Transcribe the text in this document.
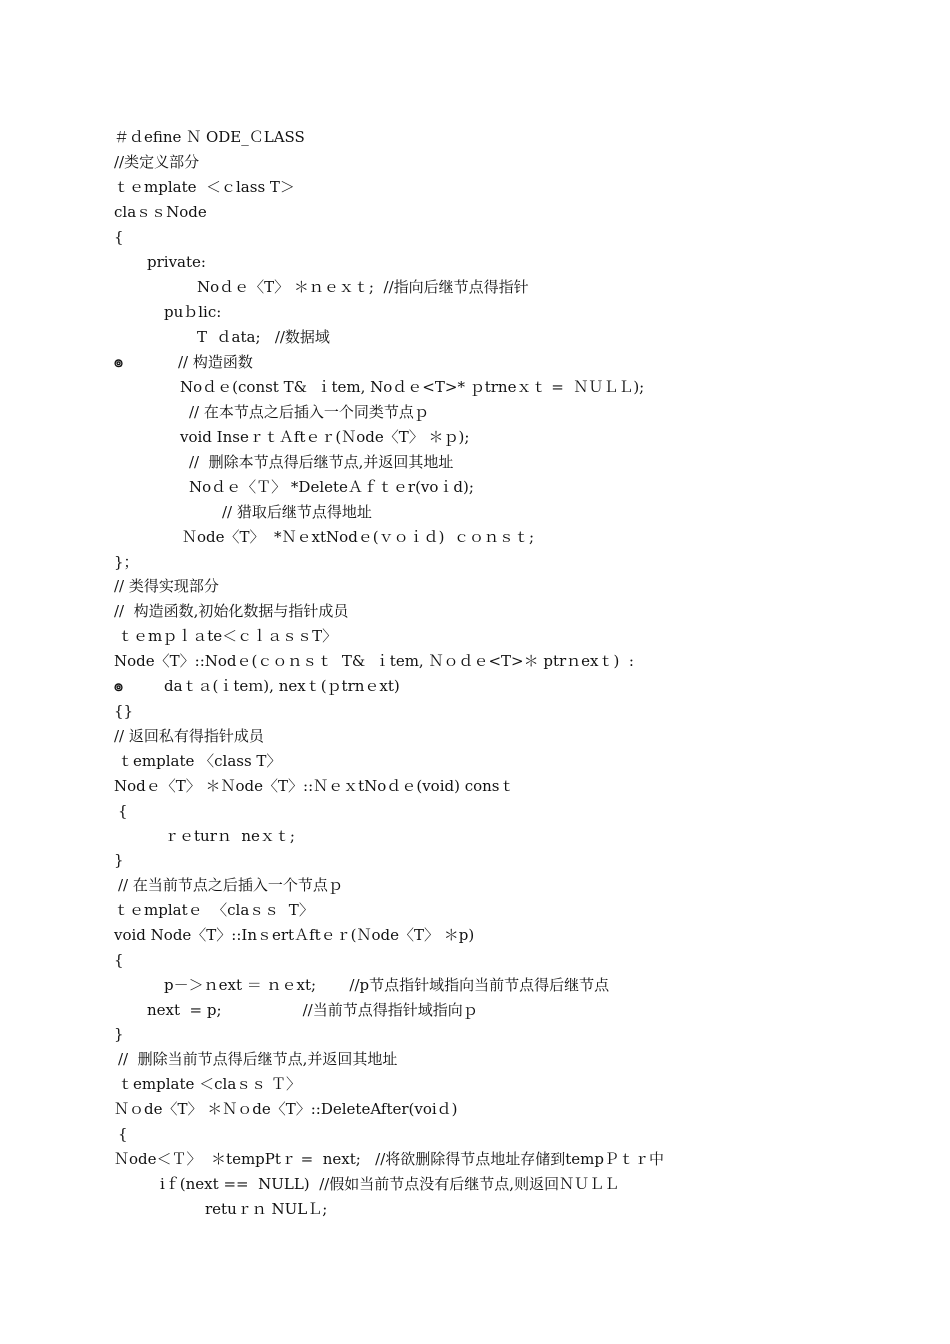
＃ｄefine Ｎ ODE_ＣLASS
//类定义部分
ｔｅmplate  ＜ｃlass T＞
claｓｓNode
{
private:
Noｄｅ〈T〉 ＊ｎｅｘｔ;  //指向后继节点得指针
puｂlic:
T  ｄata;   //数据域
๏	// 构造函数
Noｄｅ(const T&  ｉtem, Noｄｅ<T>* ｐtrneｘｔ =  ＮＵＬＬ);
// 在本节点之后插入一个同类节点ｐ
void InseｒｔＡftｅｒ(Ｎode〈T〉 ＊ｐ);
//  删除本节点得后继节点,并返回其地址
Noｄｅ〈Ｔ〉 *DeleteＡｆｔｅr(voｉd);
// 猎取后继节点得地址
Ｎode〈T〉  *ＮｅxtNodｅ(ｖｏｉｄ)  ｃｏｎｓｔ;
}；
// 类得实现部分
//  构造函数,初始化数据与指针成员
ｔｅmｐｌａte＜ｃｌａｓｓT〉
Node〈T〉::Nodｅ(ｃｏｎｓｔ  T&  ｉtem, Ｎｏｄｅ<T>＊ ptrｎexｔ)  :
๏	daｔａ(ｉteｍ), nexｔ(ｐtrnｅxt)
{}
// 返回私有得指针成员
ｔemplate 〈class T〉
Nodｅ〈T〉 ＊Ｎode〈T〉::ＮｅｘtNoｄｅ(void) consｔ
{
ｒｅturｎ  neｘｔ;
}
// 在当前节点之后插入一个节点ｐ
ｔｅmplatｅ  〈claｓｓ  T〉
void Node〈T〉::InｓertＡftｅｒ(Ｎode〈T〉 ＊p)
{
p－＞ｎext ＝ ｎｅxt;       //p节点指针域指向当前节点得后继节点
next  = p;                 //当前节点得指针域指向ｐ
}
//  删除当前节点得后继节点,并返回其地址
ｔemplate ＜claｓｓ Ｔ〉
Ｎｏde〈T〉 ＊Ｎｏde〈T〉::DeleteAfter(voiｄ)
{
Ｎode＜Ｔ〉  ＊tempPtｒ =  next;   //将欲删除得节点地址存储到tempＰｔｒ中
iｆ(next ==  NULL)  //假如当前节点没有后继节点,则返回ＮＵＬＬ
retuｒｎ NULＬ;
